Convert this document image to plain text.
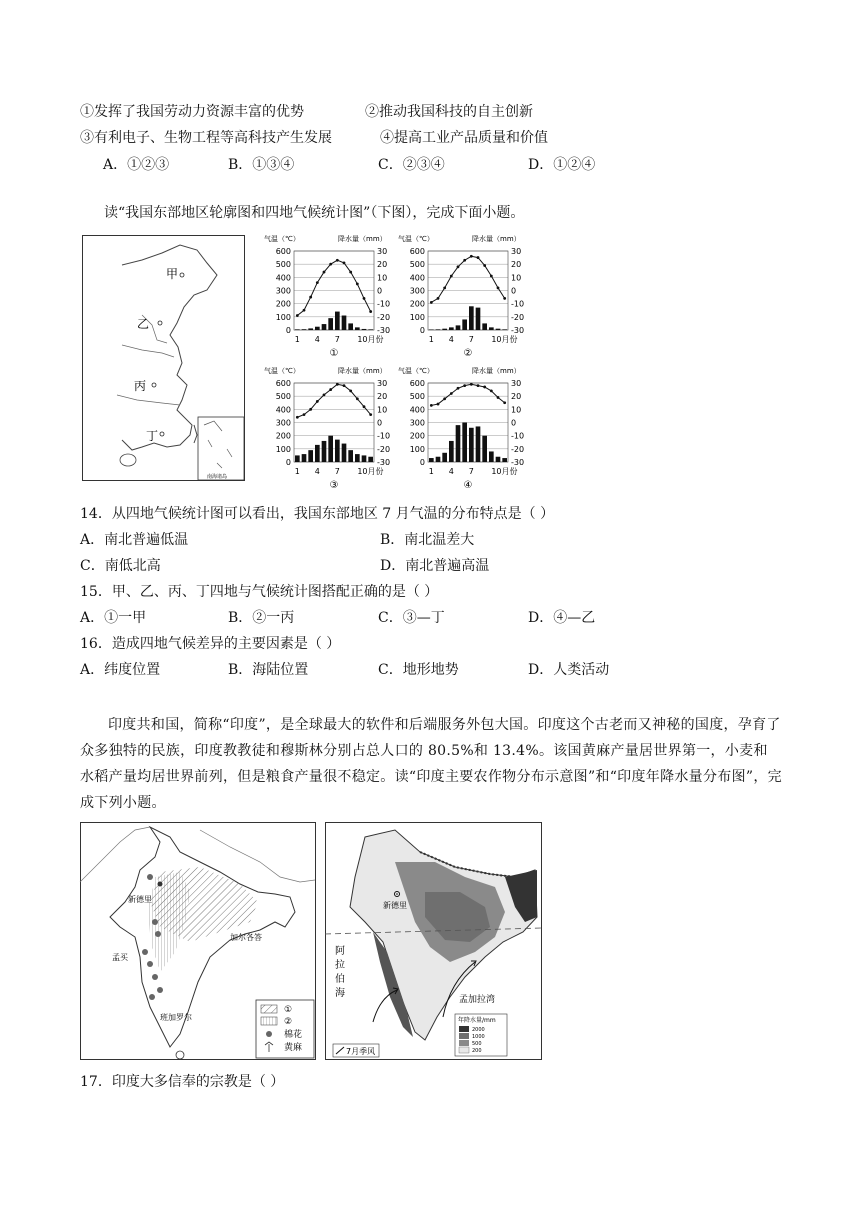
①发挥了我国劳动力资源丰富的优势	②推动我国科技的自主创新
③有利电子、生物工程等高科技产生发展	④提高工业产品质量和价值
A．①②③	B．①③④	C．②③④	D．①②④
读“我国东部地区轮廓图和四地气候统计图”（下图），完成下面小题。
甲
乙
丙
丁
南海诸岛
气温（℃）	降水量（mm）
600	30
500	20
400	10
300	0
200	-10
100	-20
0	-30
1 4 7 10月份
①
气温（℃）	降水量（mm）
600	30
500	20
400	10
300	0
200	-10
100	-20
0	-30
1 4 7 10月份
②
气温（℃）	降水量（mm）
600	30
500	20
400	10
300	0
200	-10
100	-20
0	-30
1 4 7 10月份
③
气温（℃）	降水量（mm）
600	30
500	20
400	10
300	0
200	-10
100	-20
0	-30
1 4 7 10月份
④
14．从四地气候统计图可以看出，我国东部地区 7 月气温的分布特点是（ ）
A．南北普遍低温	B．南北温差大
C．南低北高	D．南北普遍高温
15．甲、乙、丙、丁四地与气候统计图搭配正确的是（ ）
A．①一甲	B．②一丙	C．③—丁	D．④—乙
16．造成四地气候差异的主要因素是（ ）
A．纬度位置	B．海陆位置	C．地形地势	D．人类活动
印度共和国，简称“印度”，是全球最大的软件和后端服务外包大国。印度这个古老而又神秘的国度，孕育了众多独特的民族，印度教教徒和穆斯林分别占总人口的 80.5%和 13.4%。该国黄麻产量居世界第一，小麦和水稻产量均居世界前列，但是粮食产量很不稳定。读“印度主要农作物分布示意图”和“印度年降水量分布图”，完成下列小题。
新德里
加尔各答
孟买
班加罗尔
①
②
棉花
黄麻
新德里
阿
拉
伯
海
孟加拉湾
年降水量/mm
2000
1000
500
200
7月季风
17．印度大多信奉的宗教是（ ）
